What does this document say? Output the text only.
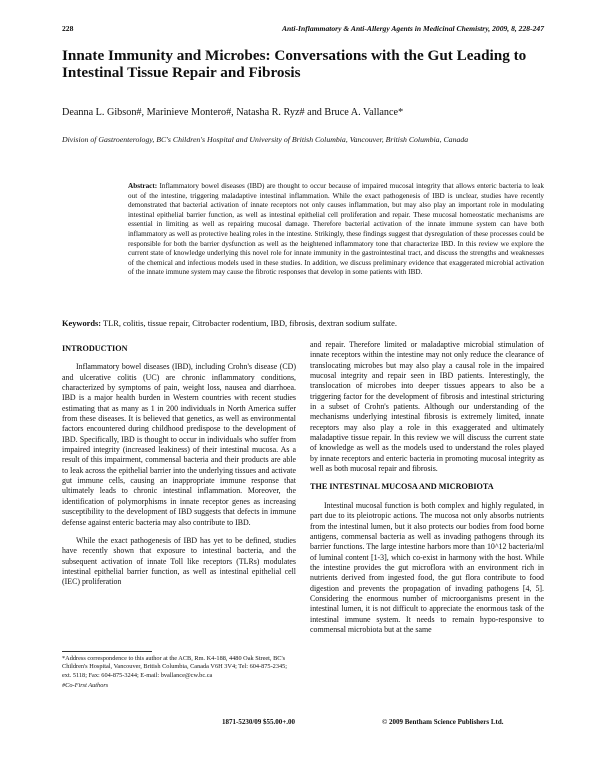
228	Anti-Inflammatory & Anti-Allergy Agents in Medicinal Chemistry, 2009, 8, 228-247
Innate Immunity and Microbes: Conversations with the Gut Leading to Intestinal Tissue Repair and Fibrosis
Deanna L. Gibson#, Marinieve Montero#, Natasha R. Ryz# and Bruce A. Vallance*
Division of Gastroenterology, BC's Children's Hospital and University of British Columbia, Vancouver, British Columbia, Canada
Abstract: Inflammatory bowel diseases (IBD) are thought to occur because of impaired mucosal integrity that allows enteric bacteria to leak out of the intestine, triggering maladaptive intestinal inflammation. While the exact pathogenesis of IBD is unclear, studies have recently demonstrated that bacterial activation of innate receptors not only causes inflammation, but may also play an important role in modulating intestinal epithelial barrier function, as well as intestinal epithelial cell proliferation and repair. These mucosal homeostatic mechanisms are essential in limiting as well as repairing mucosal damage. Therefore bacterial activation of the innate immune system can have both inflammatory as well as protective healing roles in the intestine. Strikingly, these findings suggest that dysregulation of these processes could be responsible for both the barrier dysfunction as well as the heightened inflammatory tone that characterize IBD. In this review we explore the current state of knowledge underlying this novel role for innate immunity in the gastrointestinal tract, and discuss the strengths and weaknesses of the chemical and infectious models used in these studies. In addition, we discuss preliminary evidence that exaggerated microbial activation of the innate immune system may cause the fibrotic responses that develop in some patients with IBD.
Keywords: TLR, colitis, tissue repair, Citrobacter rodentium, IBD, fibrosis, dextran sodium sulfate.
INTRODUCTION
Inflammatory bowel diseases (IBD), including Crohn's disease (CD) and ulcerative colitis (UC) are chronic inflammatory conditions, characterized by symptoms of pain, weight loss, nausea and diarrhoea. IBD is a major health burden in Western countries with recent studies estimating that as many as 1 in 200 individuals in North America suffer from these diseases. It is believed that genetics, as well as environmental factors encountered during childhood predispose to the development of IBD. Specifically, IBD is thought to occur in individuals who suffer from impaired integrity (increased leakiness) of their intestinal mucosa. As a result of this impairment, commensal bacteria and their products are able to leak across the epithelial barrier into the underlying tissues and activate gut immune cells, causing an inappropriate immune response that ultimately leads to chronic intestinal inflammation. Moreover, the identification of polymorphisms in innate receptor genes as increasing susceptibility to the development of IBD suggests that defects in immune defense against enteric bacteria may also contribute to IBD.
While the exact pathogenesis of IBD has yet to be defined, studies have recently shown that exposure to intestinal bacteria, and the subsequent activation of innate Toll like receptors (TLRs) modulates intestinal epithelial barrier function, as well as intestinal epithelial cell (IEC) proliferation
and repair. Therefore limited or maladaptive microbial stimulation of innate receptors within the intestine may not only reduce the clearance of translocating microbes but may also play a causal role in the impaired mucosal integrity and repair seen in IBD patients. Interestingly, the translocation of microbes into deeper tissues appears to also be a triggering factor for the development of fibrosis and intestinal stricturing in a subset of Crohn's patients. Although our understanding of the mechanisms underlying intestinal fibrosis is extremely limited, innate receptors may also play a role in this exaggerated and ultimately maladaptive tissue repair. In this review we will discuss the current state of knowledge as well as the models used to understand the roles played by innate receptors and enteric bacteria in promoting mucosal integrity as well as both mucosal repair and fibrosis.
THE INTESTINAL MUCOSA AND MICROBIOTA
Intestinal mucosal function is both complex and highly regulated, in part due to its pleiotropic actions. The mucosa not only absorbs nutrients from the intestinal lumen, but it also protects our bodies from food borne antigens, commensal bacteria as well as invading pathogens through its barrier functions. The large intestine harbors more than 10^12 bacteria/ml of luminal content [1-3], which co-exist in harmony with the host. While the intestine provides the gut microflora with an environment rich in nutrients derived from ingested food, the gut flora contribute to food digestion and prevents the propagation of invading pathogens [4, 5]. Considering the enormous number of microorganisms present in the intestinal lumen, it is not difficult to appreciate the enormous task of the intestinal immune system. It needs to remain hypo-responsive to commensal microbiota but at the same
*Address correspondence to this author at the ACB, Rm. K4-188, 4480 Oak Street, BC's Children's Hospital, Vancouver, British Columbia, Canada V6H 3V4; Tel: 604-875-2345; ext. 5118; Fax: 604-875-3244; E-mail: bvallance@cw.bc.ca
#Co-First Authors
1871-5230/09 $55.00+.00	© 2009 Bentham Science Publishers Ltd.
